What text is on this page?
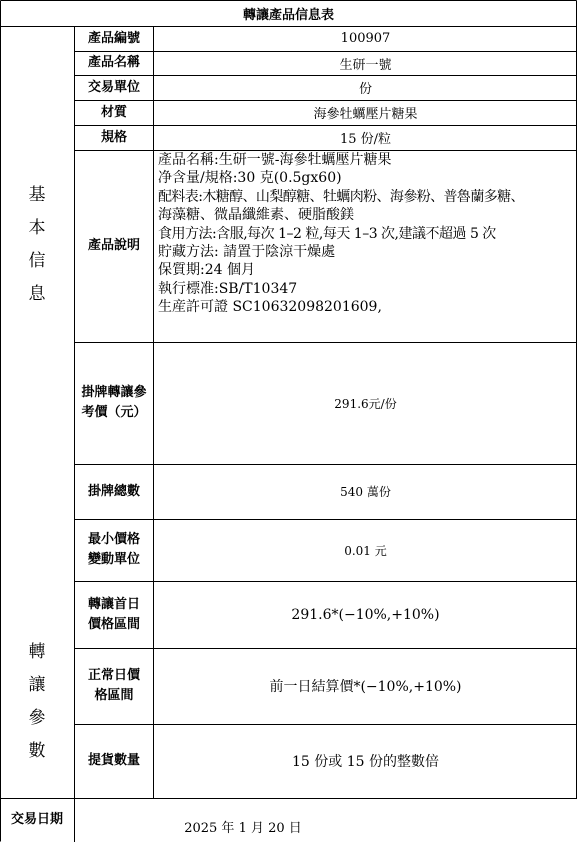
轉讓產品信息表
基
本
信
息
轉
讓
參
數
產品編號
產品名稱
交易單位
材質
規格
產品說明
掛牌轉讓參考價（元）
掛牌總數
最小價格變動單位
轉讓首日價格區間
正常日價格區間
提貨數量
100907
生研一號
份
海參牡蠣壓片糖果
15 份/粒
產品名稱:生研一號-海參牡蠣壓片糖果
净含量/規格:30 克(0.5gx60)
配料表:木糖醇、山梨醇糖、牡蠣肉粉、海參粉、普魯蘭多糖、
海藻糖、微晶纖維素、硬脂酸鎂
食用方法:含服,每次 1–2 粒,每天 1–3 次,建議不超過 5 次
貯藏方法: 請置于陰涼干燥處
保質期:24 個月
執行標准:SB/T10347
生産許可證 SC10632098201609,
291.6元/份
540 萬份
0.01 元
291.6*(−10%,+10%)
前一日結算價*(−10%,+10%)
15 份或 15 份的整數倍
交易日期
2025 年 1 月 20 日
